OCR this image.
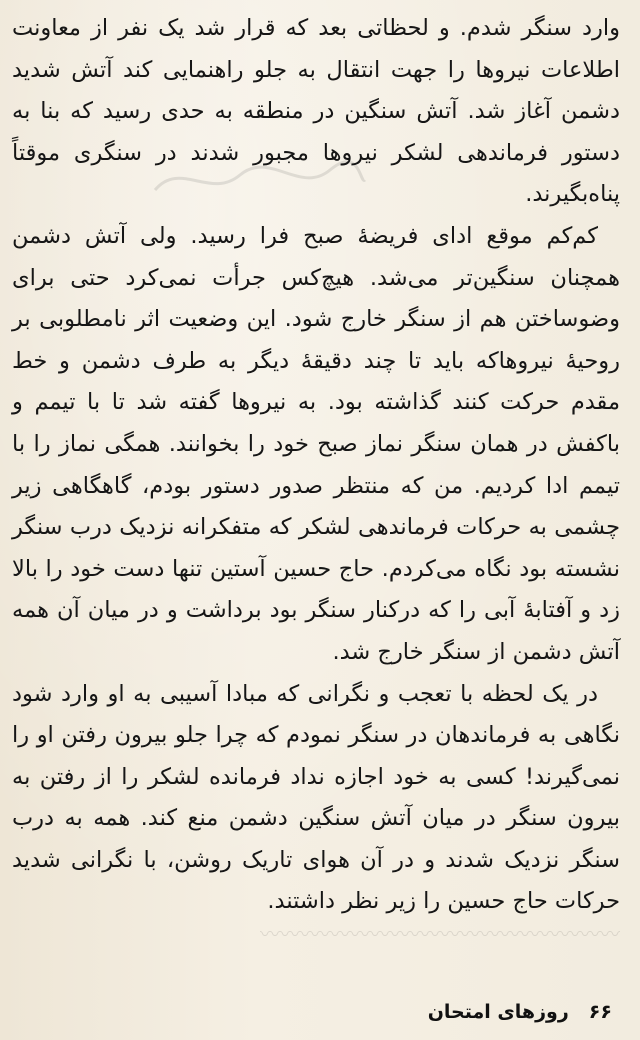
وارد سنگر شدم. و لحظاتی بعد که قرار شد یک نفر از معاونت اطلاعات نیروها را جهت انتقال به جلو راهنمایی کند آتش شدید دشمن آغاز شد. آتش سنگین در منطقه به حدی رسید که بنا به دستور فرماندهی لشکر نیروها مجبور شدند در سنگری موقتاً پناه‌بگیرند.

کم‌کم موقع ادای فریضهٔ صبح فرا رسید. ولی آتش دشمن همچنان سنگین‌تر می‌شد. هیچ‌کس جرأت نمی‌کرد حتی برای وضوساختن هم از سنگر خارج شود. این وضعیت اثر نامطلوبی بر روحیهٔ نیروهاکه باید تا چند دقیقهٔ دیگر به طرف دشمن و خط مقدم حرکت کنند گذاشته بود. به نیروها گفته شد تا با تیمم و باکفش در همان سنگر نماز صبح خود را بخوانند. همگی نماز را با تیمم ادا کردیم. من که منتظر صدور دستور بودم، گاهگاهی زیر چشمی به حرکات فرماندهی لشکر که متفکرانه نزدیک درب سنگر نشسته بود نگاه می‌کردم. حاج حسین آستین تنها دست خود را بالا زد و آفتابهٔ آبی را که درکنار سنگر بود برداشت و در میان آن همه آتش دشمن از سنگر خارج شد.

در یک لحظه با تعجب و نگرانی که مبادا آسیبی به او وارد شود نگاهی به فرماندهان در سنگر نمودم که چرا جلو بیرون رفتن او را نمی‌گیرند! کسی به خود اجازه نداد فرمانده لشکر را از رفتن به بیرون سنگر در میان آتش سنگین دشمن منع کند. همه به درب سنگر نزدیک شدند و در آن هوای تاریک روشن، با نگرانی شدید حرکات حاج حسین را زیر نظر داشتند.

〰〰〰〰〰〰〰〰〰〰〰〰〰〰〰〰〰〰
۶۶
روزهای امتحان
